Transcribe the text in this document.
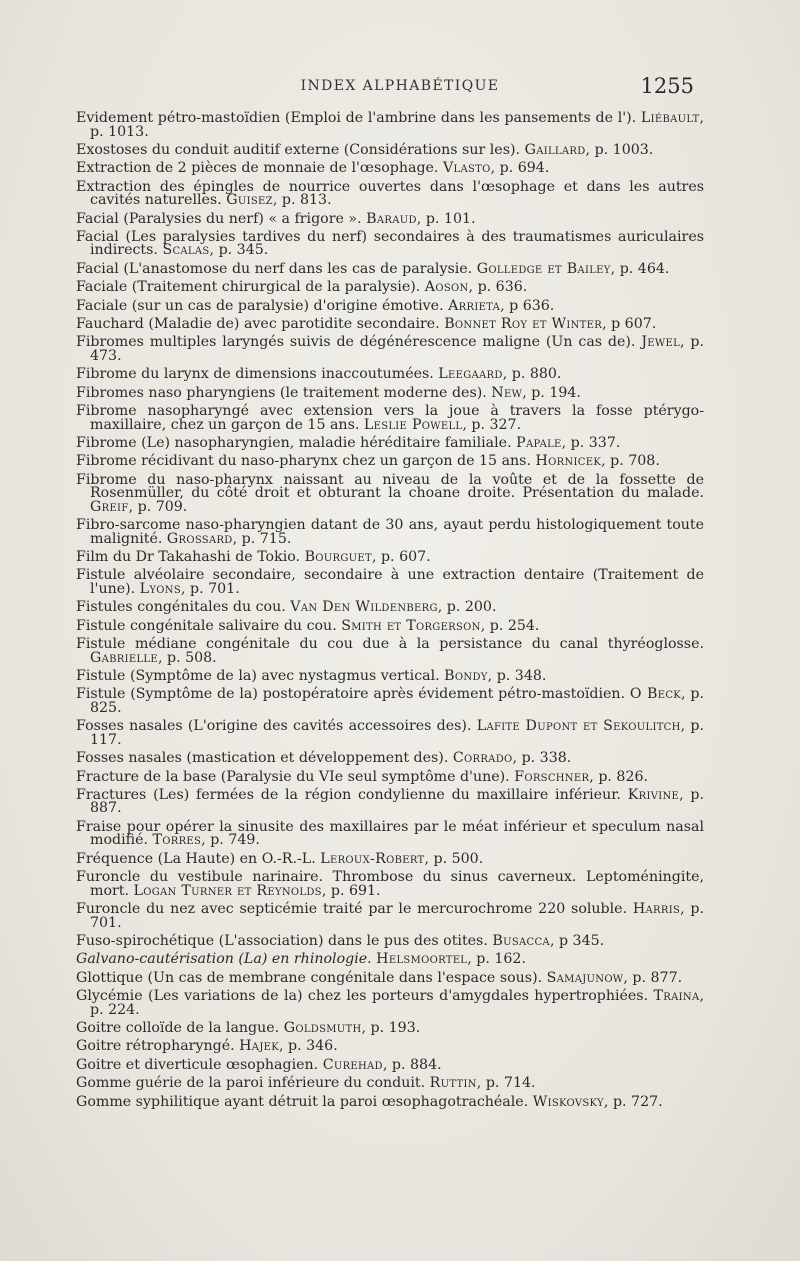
INDEX ALPHABÉTIQUE	1255
Evidement pétro-mastoïdien (Emploi de l'ambrine dans les pansements de l'). Liébault, p. 1013.
Exostoses du conduit auditif externe (Considérations sur les). Gaillard, p. 1003.
Extraction de 2 pièces de monnaie de l'œsophage. Vlasto, p. 694.
Extraction des épingles de nourrice ouvertes dans l'œsophage et dans les autres cavités naturelles. Guisez, p. 813.
Facial (Paralysies du nerf) « a frigore ». Baraud, p. 101.
Facial (Les paralysies tardives du nerf) secondaires à des traumatismes auriculaires indirects. Scalas, p. 345.
Facial (L'anastomose du nerf dans les cas de paralysie. Golledge et Bailey, p. 464.
Faciale (Traitement chirurgical de la paralysie). Aoson, p. 636.
Faciale (sur un cas de paralysie) d'origine émotive. Arrieta, p 636.
Fauchard (Maladie de) avec parotidite secondaire. Bonnet Roy et Winter, p 607.
Fibromes multiples laryngés suivis de dégénérescence maligne (Un cas de). Jewel, p. 473.
Fibrome du larynx de dimensions inaccoutumées. Leegaard, p. 880.
Fibromes naso pharyngiens (le traitement moderne des). New, p. 194.
Fibrome nasopharyngé avec extension vers la joue à travers la fosse ptérygo-maxillaire, chez un garçon de 15 ans. Leslie Powell, p. 327.
Fibrome (Le) nasopharyngien, maladie héréditaire familiale. Papale, p. 337.
Fibrome récidivant du naso-pharynx chez un garçon de 15 ans. Hornicek, p. 708.
Fibrome du naso-pharynx naissant au niveau de la voûte et de la fossette de Rosenmüller, du côté droit et obturant la choane droite. Présentation du malade. Greif, p. 709.
Fibro-sarcome naso-pharyngien datant de 30 ans, ayaut perdu histologiquement toute malignité. Grossard, p. 715.
Film du Dr Takahashi de Tokio. Bourguet, p. 607.
Fistule alvéolaire secondaire, secondaire à une extraction dentaire (Traitement de l'une). Lyons, p. 701.
Fistules congénitales du cou. Van Den Wildenberg, p. 200.
Fistule congénitale salivaire du cou. Smith et Torgerson, p. 254.
Fistule médiane congénitale du cou due à la persistance du canal thyréoglosse. Gabrielle, p. 508.
Fistule (Symptôme de la) avec nystagmus vertical. Bondy, p. 348.
Fistule (Symptôme de la) postopératoire après évidement pétro-mastoïdien. O Beck, p. 825.
Fosses nasales (L'origine des cavités accessoires des). Lafite Dupont et Sekoulitch, p. 117.
Fosses nasales (mastication et développement des). Corrado, p. 338.
Fracture de la base (Paralysie du VIe seul symptôme d'une). Forschner, p. 826.
Fractures (Les) fermées de la région condylienne du maxillaire inférieur. Krivine, p. 887.
Fraise pour opérer la sinusite des maxillaires par le méat inférieur et speculum nasal modifié. Torres, p. 749.
Fréquence (La Haute) en O.-R.-L. Leroux-Robert, p. 500.
Furoncle du vestibule narinaire. Thrombose du sinus caverneux. Leptoméningite, mort. Logan Turner et Reynolds, p. 691.
Furoncle du nez avec septicémie traité par le mercurochrome 220 soluble. Harris, p. 701.
Fuso-spirochétique (L'association) dans le pus des otites. Busacca, p 345.
Galvano-cautérisation (La) en rhinologie. Helsmoortel, p. 162.
Glottique (Un cas de membrane congénitale dans l'espace sous). Samajunow, p. 877.
Glycémie (Les variations de la) chez les porteurs d'amygdales hypertrophiées. Traina, p. 224.
Goitre colloïde de la langue. Goldsmuth, p. 193.
Goitre rétropharyngé. Hajek, p. 346.
Goitre et diverticule œsophagien. Curehad, p. 884.
Gomme guérie de la paroi inférieure du conduit. Ruttin, p. 714.
Gomme syphilitique ayant détruit la paroi œsophagotrachéale. Wiskovsky, p. 727.
